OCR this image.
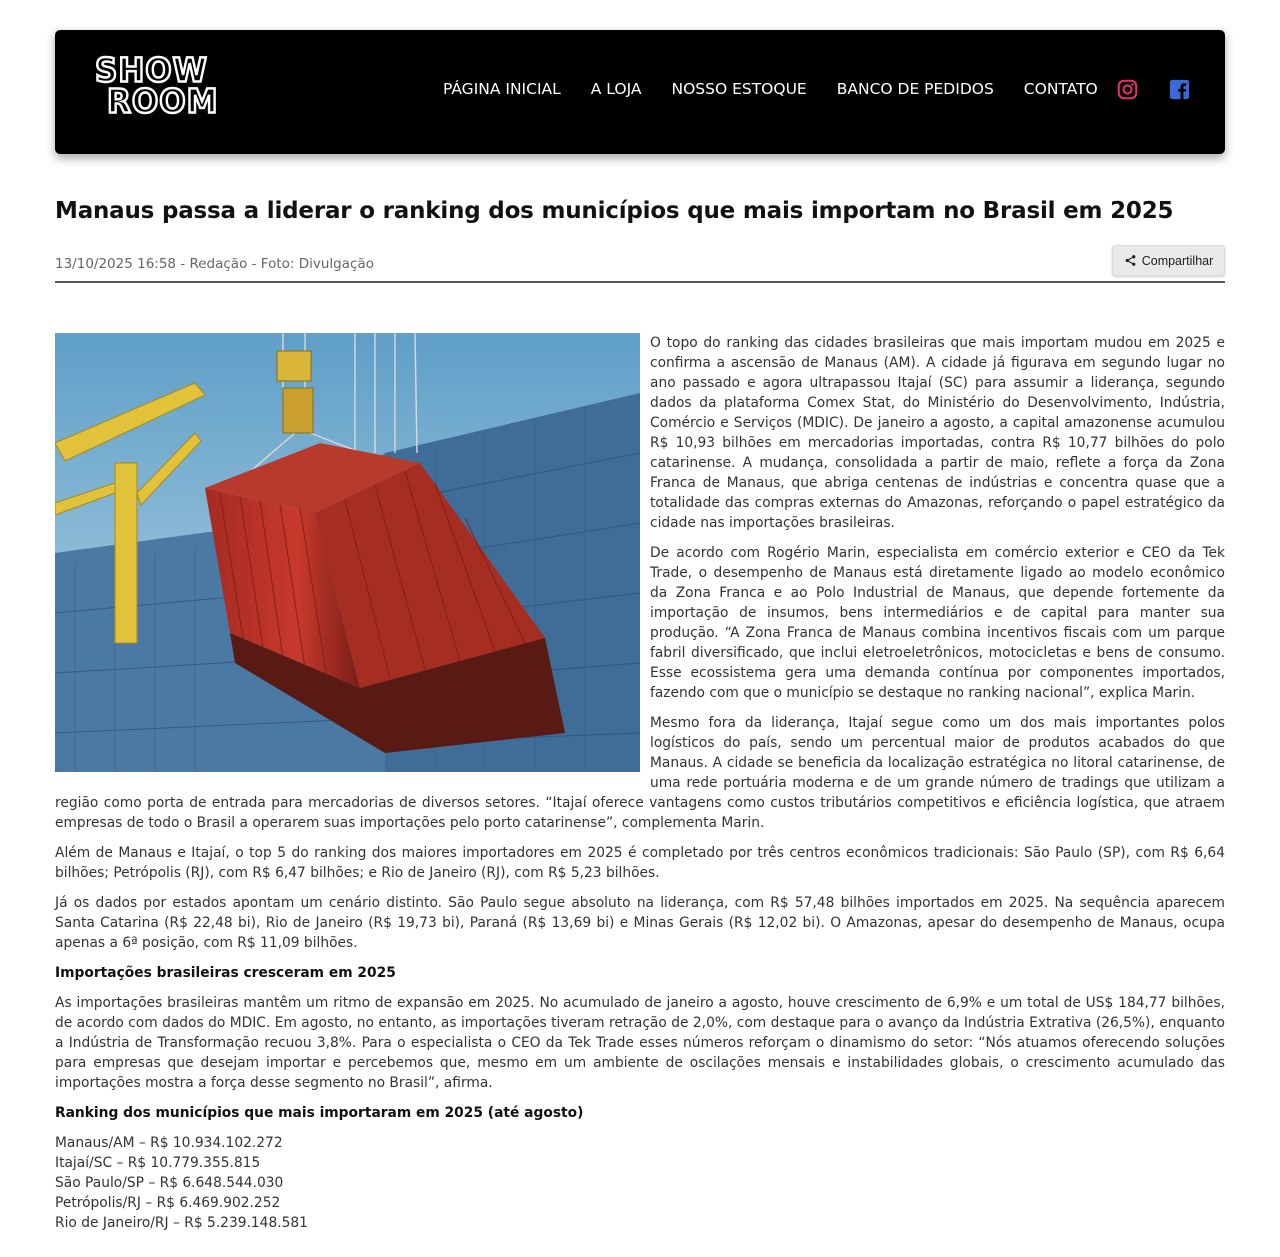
SHOW
ROOM	PÁGINA INICIAL A LOJA NOSSO ESTOQUE BANCO DE PEDIDOS CONTATO
Manaus passa a liderar o ranking dos municípios que mais importam no Brasil em 2025
13/10/2025 16:58 - Redação - Foto: Divulgação	Compartilhar

O topo do ranking das cidades brasileiras que mais importam mudou em 2025 e confirma a ascensão de Manaus (AM). A cidade já figurava em segundo lugar no ano passado e agora ultrapassou Itajaí (SC) para assumir a liderança, segundo dados da plataforma Comex Stat, do Ministério do Desenvolvimento, Indústria, Comércio e Serviços (MDIC). De janeiro a agosto, a capital amazonense acumulou R$ 10,93 bilhões em mercadorias importadas, contra R$ 10,77 bilhões do polo catarinense. A mudança, consolidada a partir de maio, reflete a força da Zona Franca de Manaus, que abriga centenas de indústrias e concentra quase que a totalidade das compras externas do Amazonas, reforçando o papel estratégico da cidade nas importações brasileiras.

De acordo com Rogério Marin, especialista em comércio exterior e CEO da Tek Trade, o desempenho de Manaus está diretamente ligado ao modelo econômico da Zona Franca e ao Polo Industrial de Manaus, que depende fortemente da importação de insumos, bens intermediários e de capital para manter sua produção. “A Zona Franca de Manaus combina incentivos fiscais com um parque fabril diversificado, que inclui eletroeletrônicos, motocicletas e bens de consumo. Esse ecossistema gera uma demanda contínua por componentes importados, fazendo com que o município se destaque no ranking nacional”, explica Marin.

Mesmo fora da liderança, Itajaí segue como um dos mais importantes polos logísticos do país, sendo um percentual maior de produtos acabados do que Manaus. A cidade se beneficia da localização estratégica no litoral catarinense, de uma rede portuária moderna e de um grande número de tradings que utilizam a região como porta de entrada para mercadorias de diversos setores. “Itajaí oferece vantagens como custos tributários competitivos e eficiência logística, que atraem empresas de todo o Brasil a operarem suas importações pelo porto catarinense”, complementa Marin.

Além de Manaus e Itajaí, o top 5 do ranking dos maiores importadores em 2025 é completado por três centros econômicos tradicionais: São Paulo (SP), com R$ 6,64 bilhões; Petrópolis (RJ), com R$ 6,47 bilhões; e Rio de Janeiro (RJ), com R$ 5,23 bilhões.

Já os dados por estados apontam um cenário distinto. São Paulo segue absoluto na liderança, com R$ 57,48 bilhões importados em 2025. Na sequência aparecem Santa Catarina (R$ 22,48 bi), Rio de Janeiro (R$ 19,73 bi), Paraná (R$ 13,69 bi) e Minas Gerais (R$ 12,02 bi). O Amazonas, apesar do desempenho de Manaus, ocupa apenas a 6ª posição, com R$ 11,09 bilhões.

Importações brasileiras cresceram em 2025

As importações brasileiras mantêm um ritmo de expansão em 2025. No acumulado de janeiro a agosto, houve crescimento de 6,9% e um total de US$ 184,77 bilhões, de acordo com dados do MDIC. Em agosto, no entanto, as importações tiveram retração de 2,0%, com destaque para o avanço da Indústria Extrativa (26,5%), enquanto a Indústria de Transformação recuou 3,8%. Para o especialista o CEO da Tek Trade esses números reforçam o dinamismo do setor: “Nós atuamos oferecendo soluções para empresas que desejam importar e percebemos que, mesmo em um ambiente de oscilações mensais e instabilidades globais, o crescimento acumulado das importações mostra a força desse segmento no Brasil”, afirma.

Ranking dos municípios que mais importaram em 2025 (até agosto)
Manaus/AM – R$ 10.934.102.272
Itajaí/SC – R$ 10.779.355.815
São Paulo/SP – R$ 6.648.544.030
Petrópolis/RJ – R$ 6.469.902.252
Rio de Janeiro/RJ – R$ 5.239.148.581
